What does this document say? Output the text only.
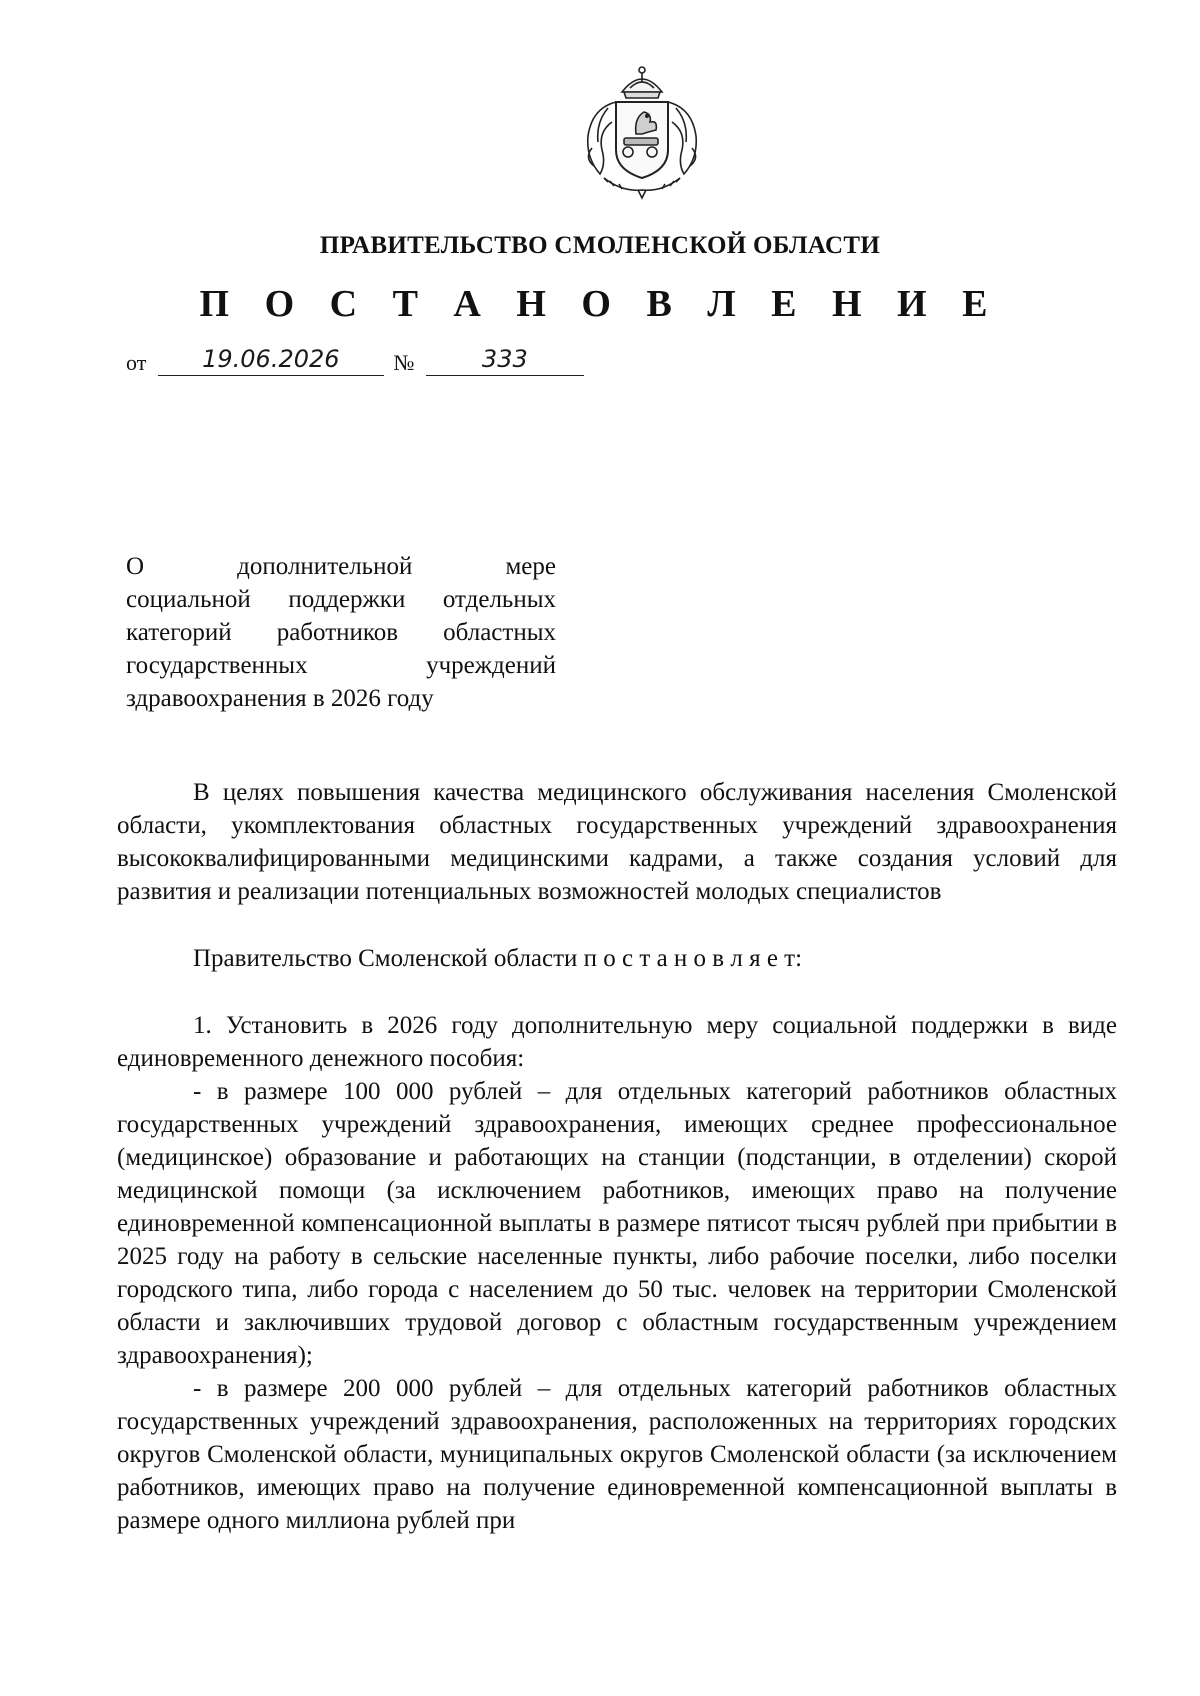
ПРАВИТЕЛЬСТВО СМОЛЕНСКОЙ ОБЛАСТИ
П О С Т А Н О В Л Е Н И Е
от 19.06.2026 №	333
О дополнительной мере
социальной поддержки отдельных
категорий работников областных
государственных учреждений
здравоохранения в 2026 году

В целях повышения качества медицинского обслуживания населения Смоленской области, укомплектования областных государственных учреждений здравоохранения высококвалифицированными медицинскими кадрами, а также создания условий для развития и реализации потенциальных возможностей молодых специалистов

Правительство Смоленской области п о с т а н о в л я е т:

1. Установить в 2026 году дополнительную меру социальной поддержки в виде единовременного денежного пособия:

- в размере 100 000 рублей – для отдельных категорий работников областных государственных учреждений здравоохранения, имеющих среднее профессиональное (медицинское) образование и работающих на станции (подстанции, в отделении) скорой медицинской помощи (за исключением работников, имеющих право на получение единовременной компенсационной выплаты в размере пятисот тысяч рублей при прибытии в 2025 году на работу в сельские населенные пункты, либо рабочие поселки, либо поселки городского типа, либо города с населением до 50 тыс. человек на территории Смоленской области и заключивших трудовой договор с областным государственным учреждением здравоохранения);

- в размере 200 000 рублей – для отдельных категорий работников областных государственных учреждений здравоохранения, расположенных на территориях городских округов Смоленской области, муниципальных округов Смоленской области (за исключением работников, имеющих право на получение единовременной компенсационной выплаты в размере одного миллиона рублей при
